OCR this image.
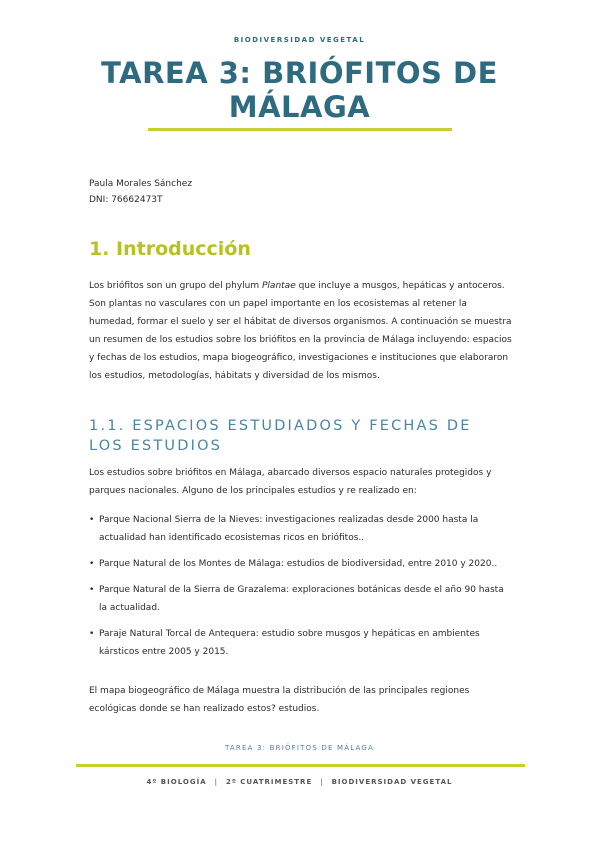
BIODIVERSIDAD VEGETAL
TAREA 3: BRIÓFITOS DE
MÁLAGA
Paula Morales Sánchez
DNI: 76662473T
1. Introducción

Los briófitos son un grupo del phylum Plantae que incluye a musgos, hepáticas y antoceros. Son plantas no vasculares con un papel importante en los ecosistemas al retener la humedad, formar el suelo y ser el hábitat de diversos organismos. A continuación se muestra un resumen de los estudios sobre los briófitos en la provincia de Málaga incluyendo: espacios y fechas de los estudios, mapa biogeográfico, investigaciones e instituciones que elaboraron los estudios, metodologías, hábitats y diversidad de los mismos.

1.1. ESPACIOS ESTUDIADOS Y FECHAS DE LOS ESTUDIOS

Los estudios sobre briófitos en Málaga, abarcado diversos espacio naturales protegidos y parques nacionales. Alguno de los principales estudios y re realizado en:

• Parque Nacional Sierra de la Nieves: investigaciones realizadas desde 2000 hasta la actualidad han identificado ecosistemas ricos en briófitos..
• Parque Natural de los Montes de Málaga: estudios de biodiversidad, entre 2010 y 2020..
• Parque Natural de la Sierra de Grazalema: exploraciones botánicas desde el año 90 hasta la actualidad.
• Paraje Natural Torcal de Antequera: estudio sobre musgos y hepáticas en ambientes kársticos entre 2005 y 2015.

El mapa biogeográfico de Málaga muestra la distribución de las principales regiones ecológicas donde se han realizado estos? estudios.

TAREA 3: BRIÓFITOS DE MÁLAGA
4º BIOLOGÍA | 2º CUATRIMESTRE | BIODIVERSIDAD VEGETAL
